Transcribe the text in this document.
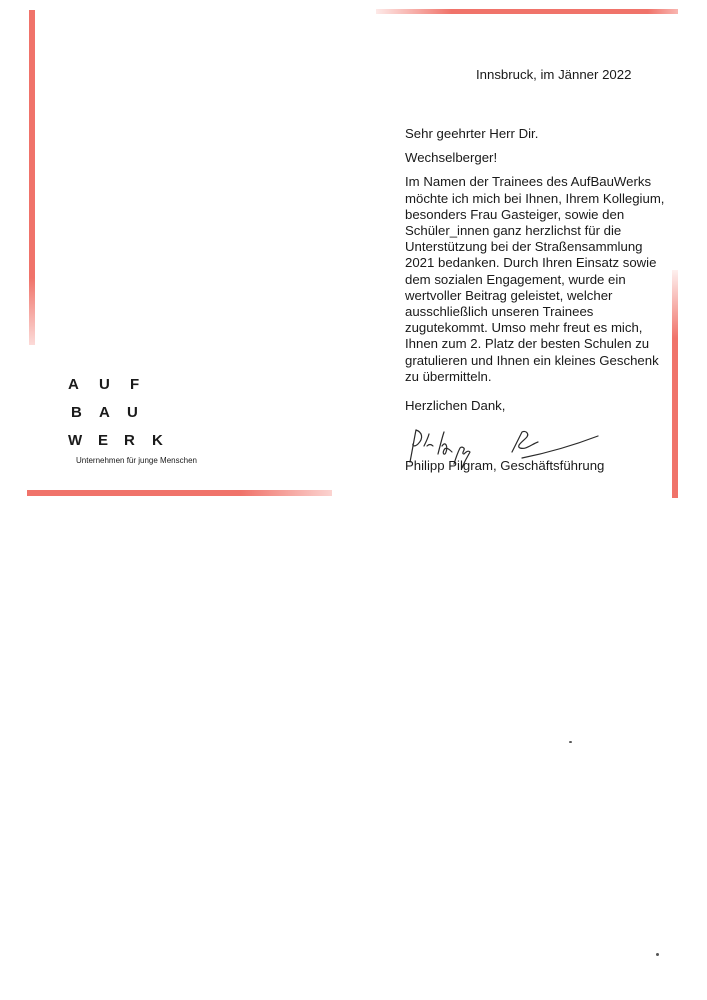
Innsbruck, im Jänner 2022

Sehr geehrter Herr Dir.

Wechselberger!

Im Namen der Trainees des AufBauWerks möchte ich mich bei Ihnen, Ihrem Kollegium, besonders Frau Gasteiger, sowie den Schüler_innen ganz herzlichst für die Unterstützung bei der Straßensammlung 2021 bedanken. Durch Ihren Einsatz sowie dem sozialen Engagement, wurde ein wertvoller Beitrag geleistet, welcher ausschließlich unseren Trainees zugutekommt. Umso mehr freut es mich, Ihnen zum 2. Platz der besten Schulen zu gratulieren und Ihnen ein kleines Geschenk zu übermitteln.

Herzlichen Dank,

Philipp Pilgram, Geschäftsführung
A U F
B A U
W E R K
Unternehmen für junge Menschen
